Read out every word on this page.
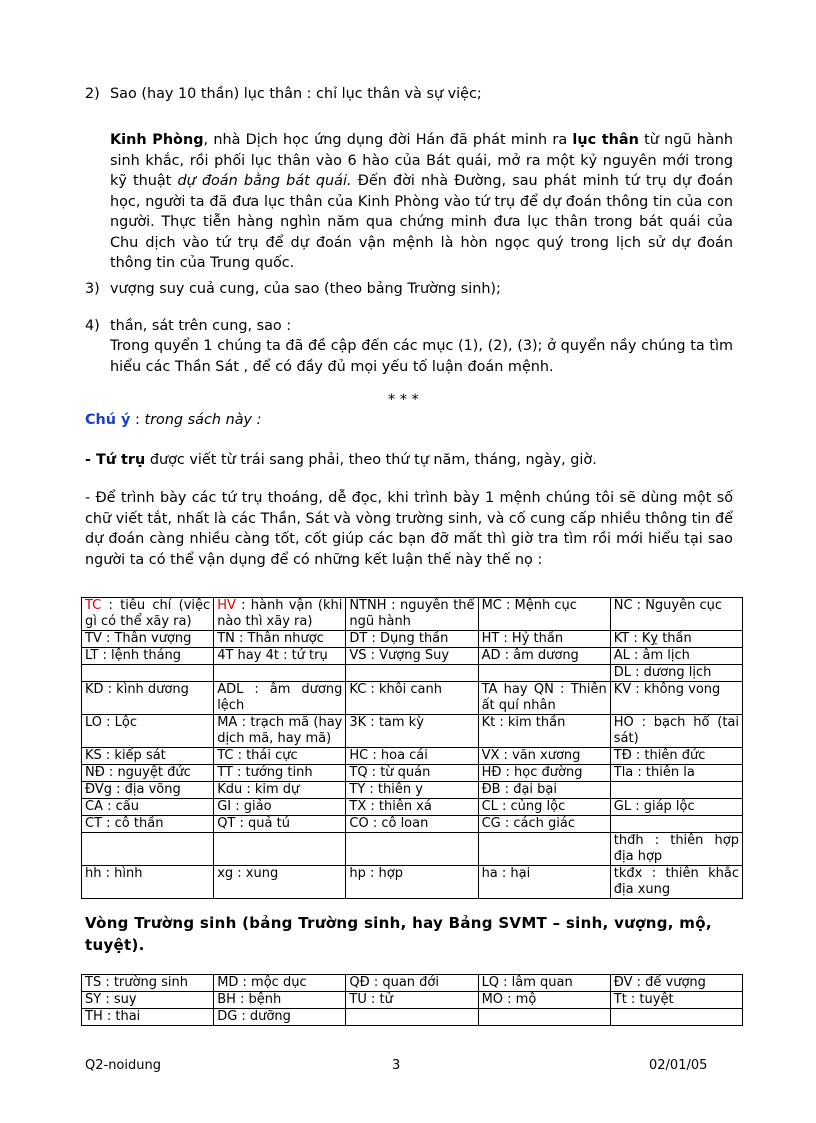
2) Sao (hay 10 thần) lục thân : chỉ lục thân và sự việc;
Kinh Phòng, nhà Dịch học ứng dụng đời Hán đã phát minh ra lục thân từ ngũ hành sinh khắc, rồi phối lục thân vào 6 hào của Bát quái, mở ra một kỷ nguyên mới trong kỹ thuật dự đoán bằng bát quái. Đến đời nhà Đường, sau phát minh tứ trụ dự đoán học, người ta đã đưa lục thân của Kinh Phòng vào tứ trụ để dự đoán thông tin của con người. Thực tiễn hàng nghìn năm qua chứng minh đưa lục thân trong bát quái của Chu dịch vào tứ trụ để dự đoán vận mệnh là hòn ngọc quý trong lịch sử dự đoán thông tin của Trung quốc.
3) vượng suy cuả cung, của sao (theo bảng Trường sinh);
4) thần, sát trên cung, sao :
Trong quyển 1 chúng ta đã đề cập đến các mục (1), (2), (3); ở quyển nầy chúng ta tìm hiểu các Thần Sát , để có đầy đủ mọi yếu tố luận đoán mệnh.
* * *
Chú ý : trong sách này :
- Tứ trụ được viết từ trái sang phải, theo thứ tự năm, tháng, ngày, giờ.
- Để trình bày các tứ trụ thoáng, dễ đọc, khi trình bày 1 mệnh chúng tôi sẽ dùng một số chữ viết tắt, nhất là các Thần, Sát và vòng trường sinh, và cố cung cấp nhiều thông tin để dự đoán càng nhiều càng tốt, cốt giúp các bạn đỡ mất thì giờ tra tìm rồi mới hiểu tại sao người ta có thể vận dụng để có những kết luận thế này thế nọ :
TC : tiêu chí (việc gì có thể xãy ra)	HV : hành vận (khi nào thì xãy ra)	NTNH : nguyên thể ngũ hành	MC : Mệnh cục	NC : Nguyên cục
TV : Thân vượng	TN : Thân nhược	DT : Dụng thần	HT : Hỷ thần	KT : Kỵ thần
LT : lệnh tháng	4T hay 4t : tứ trụ	VS : Vượng Suy	AD : âm dương	AL : âm lịch
				DL : dương lịch
KD : kình dương	ADL : âm dương lệch	KC : khôi canh	TA hay QN : Thiên ất quí nhân	KV : không vong
LO : Lộc	MA : trạch mã (hay dịch mã, hay mã)	3K : tam kỳ	Kt : kim thần	HO : bạch hổ (tai sát)
KS : kiếp sát	TC : thái cực	HC : hoa cái	VX : văn xương	TĐ : thiên đức
NĐ : nguyệt đức	TT : tướng tinh	TQ : từ quán	HĐ : học đường	Tla : thiên la
ĐVg : địa võng	Kdu : kim dự	TY : thiên y	ĐB : đại bại	
CA : cấu	GI : giảo	TX : thiên xá	CL : củng lộc	GL : giáp lộc
CT : cô thần	QT : quả tú	CO : cô loan	CG : cách giác	
				thđh : thiên hợp địa hợp
hh : hình	xg : xung	hp : hợp	ha : hại	tkđx : thiên khắc địa xung
Vòng Trường sinh (bảng Trường sinh, hay Bảng SVMT – sinh, vượng, mộ, tuyệt).
TS : trường sinh	MD : mộc dục	QĐ : quan đới	LQ : lâm quan	ĐV : đế vượng
SY : suy	BH : bệnh	TU : tử	MO : mộ	Tt : tuyệt
TH : thai	DG : dưỡng			
Q2-noidung	3	02/01/05
